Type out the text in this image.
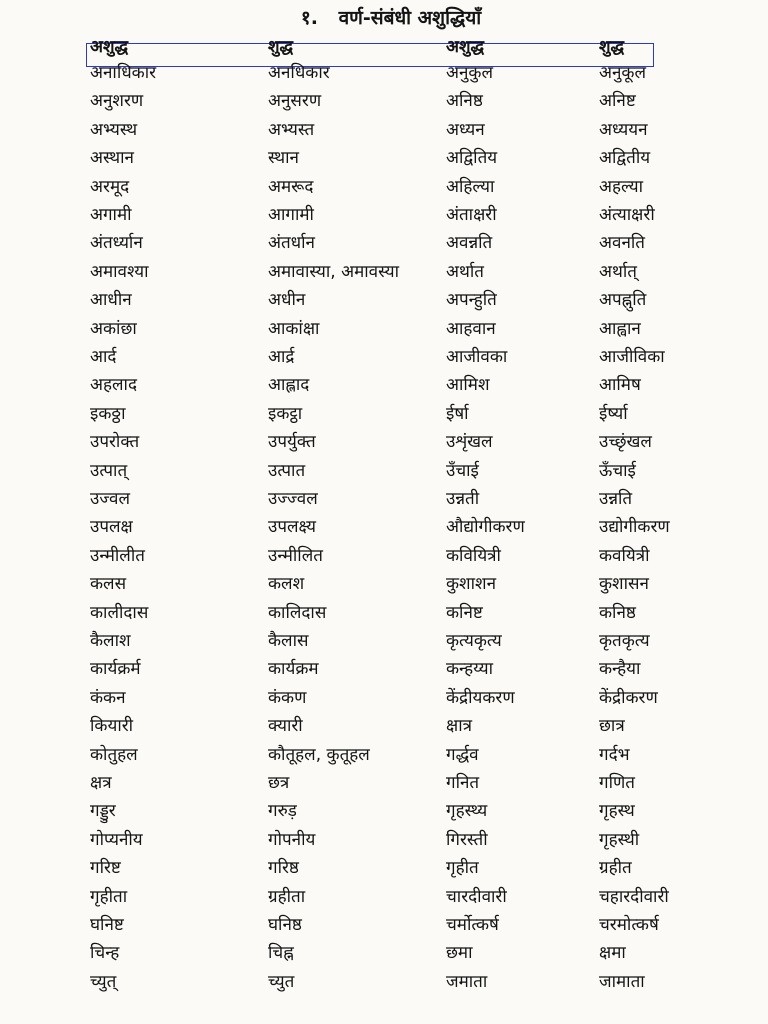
१. वर्ण-संबंधी अशुद्धियाँ
अशुद्ध	शुद्ध	अशुद्ध	शुद्ध
अनाधिकार	अनधिकार	अनुकुल	अनुकूल
अनुशरण	अनुसरण	अनिष्ठ	अनिष्ट
अभ्यस्थ	अभ्यस्त	अध्यन	अध्ययन
अस्थान	स्थान	अद्वितिय	अद्वितीय
अरमूद	अमरूद	अहिल्या	अहल्या
अगामी	आगामी	अंताक्षरी	अंत्याक्षरी
अंतर्ध्यान	अंतर्धान	अवन्नति	अवनति
अमावश्या	अमावास्या, अमावस्या	अर्थात	अर्थात्
आधीन	अधीन	अपन्हुति	अपह्नुति
अकांछा	आकांक्षा	आहवान	आह्वान
आर्द	आर्द्र	आजीवका	आजीविका
अहलाद	आह्लाद	आमिश	आमिष
इकठ्ठा	इकट्ठा	ईर्षा	ईर्ष्या
उपरोक्त	उपर्युक्त	उशृंखल	उच्छृंखल
उत्पात्	उत्पात	उँचाई	ऊँचाई
उज्वल	उज्ज्वल	उन्नती	उन्नति
उपलक्ष	उपलक्ष्य	औद्योगीकरण	उद्योगीकरण
उन्मीलीत	उन्मीलित	कवियित्री	कवयित्री
कलस	कलश	कुशाशन	कुशासन
कालीदास	कालिदास	कनिष्ट	कनिष्ठ
कैलाश	कैलास	कृत्यकृत्य	कृतकृत्य
कार्यक्रर्म	कार्यक्रम	कन्हय्या	कन्हैया
कंकन	कंकण	केंद्रीयकरण	केंद्रीकरण
कियारी	क्यारी	क्षात्र	छात्र
कोतुहल	कौतूहल, कुतूहल	गर्द्धव	गर्दभ
क्षत्र	छत्र	गनित	गणित
गड्डुर	गरुड़	गृहस्थ्य	गृहस्थ
गोप्यनीय	गोपनीय	गिरस्ती	गृहस्थी
गरिष्ट	गरिष्ठ	गृहीत	ग्रहीत
गृहीता	ग्रहीता	चारदीवारी	चहारदीवारी
घनिष्ट	घनिष्ठ	चर्मोत्कर्ष	चरमोत्कर्ष
चिन्ह	चिह्न	छमा	क्षमा
च्युत्	च्युत	जमाता	जामाता
